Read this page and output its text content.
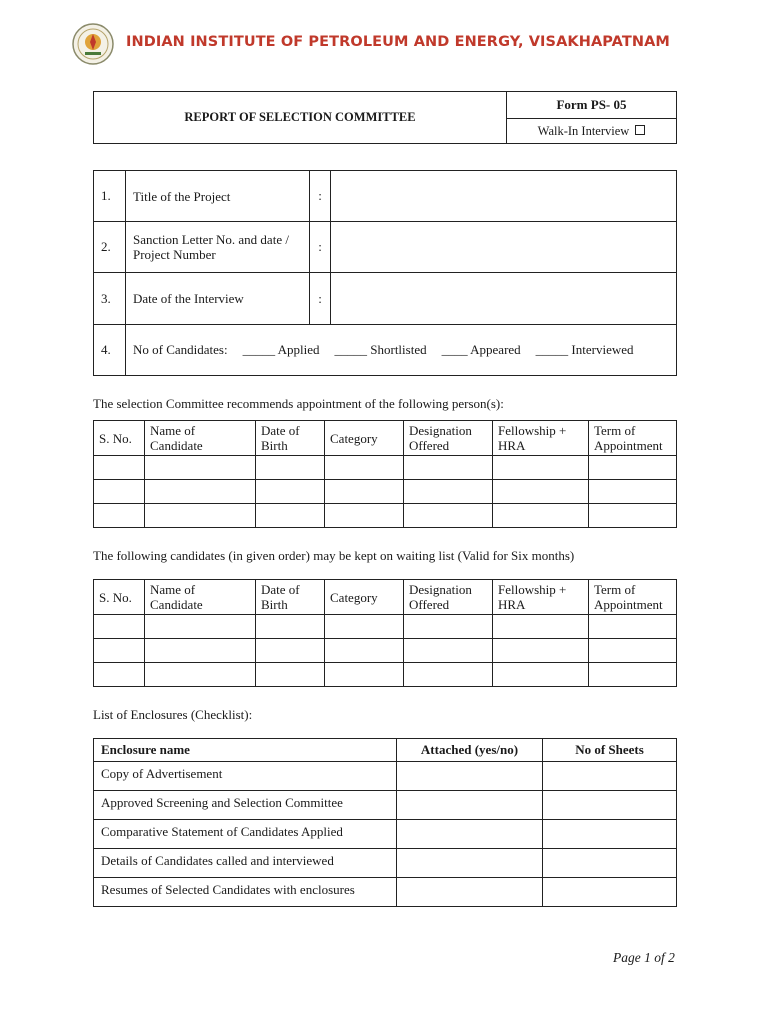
INDIAN INSTITUTE OF PETROLEUM AND ENERGY, VISAKHAPATNAM
REPORT OF SELECTION COMMITTEE	Form PS- 05
Walk-In Interview
1.	Title of the Project	:	
2.	Sanction Letter No. and date / Project Number	:	
3.	Date of the Interview	:	
4.	No of Candidates: _____ Applied _____ Shortlisted ____ Appeared _____ Interviewed		
The selection Committee recommends appointment of the following person(s):
S. No.	Name of Candidate	Date of Birth	Category	Designation Offered	Fellowship + HRA	Term of Appointment

The following candidates (in given order) may be kept on waiting list (Valid for Six months)
S. No.	Name of Candidate	Date of Birth	Category	Designation Offered	Fellowship + HRA	Term of Appointment

List of Enclosures (Checklist):
Enclosure name	Attached (yes/no)	No of Sheets
Copy of Advertisement		
Approved Screening and Selection Committee		
Comparative Statement of Candidates Applied		
Details of Candidates called and interviewed		
Resumes of Selected Candidates with enclosures		
Page 1 of 2
